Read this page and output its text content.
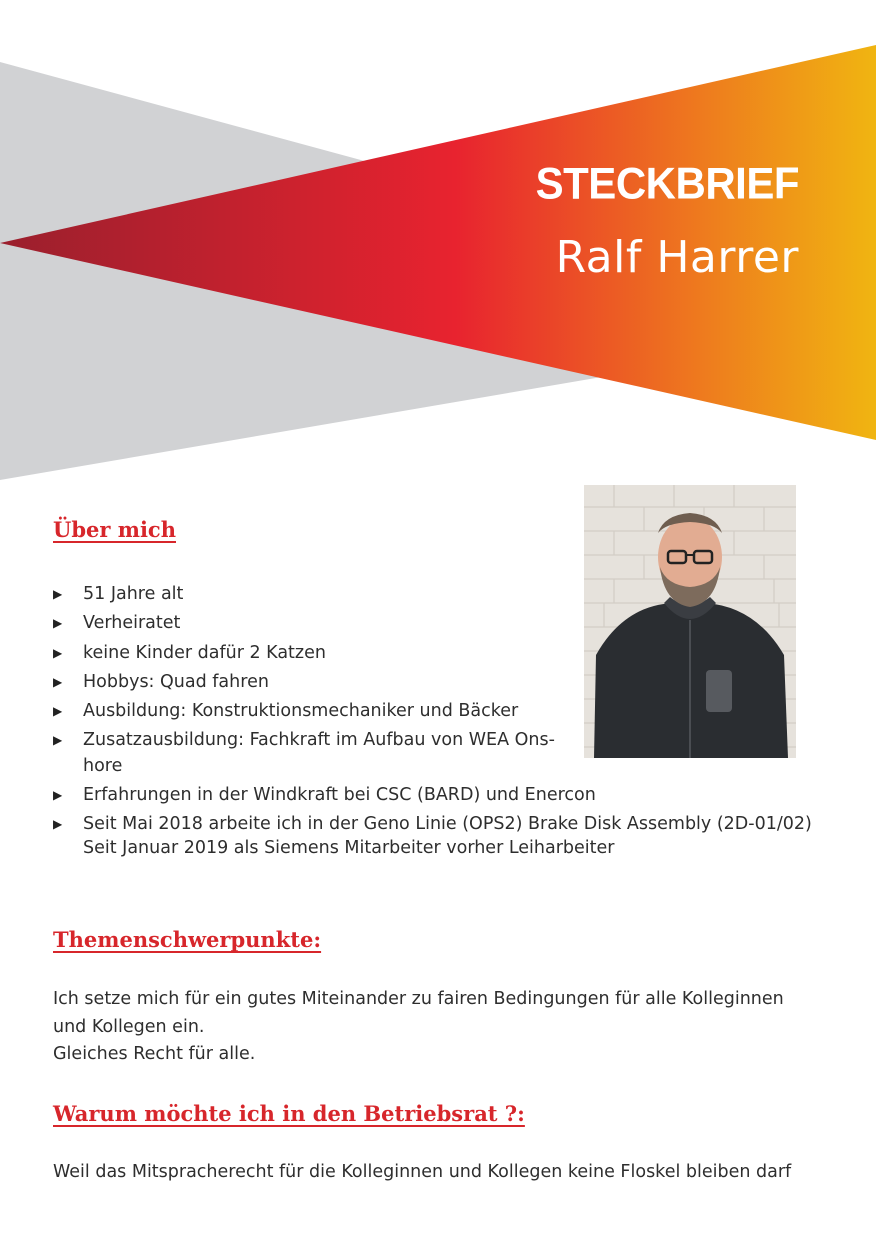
STECKBRIEF
Ralf Harrer
Über mich
▶ 51 Jahre alt
▶ Verheiratet
▶ keine Kinder dafür 2 Katzen
▶ Hobbys: Quad fahren
▶ Ausbildung: Konstruktionsmechaniker und Bäcker
▶ Zusatzausbildung: Fachkraft im Aufbau von WEA Ons-
hore
▶ Erfahrungen in der Windkraft bei CSC (BARD) und Enercon
▶ Seit Mai 2018 arbeite ich in der Geno Linie (OPS2) Brake Disk Assembly (2D-01/02)
Seit Januar 2019 als Siemens Mitarbeiter vorher Leiharbeiter
Themenschwerpunkte:

Ich setze mich für ein gutes Miteinander zu fairen Bedingungen für alle Kolleginnen

und Kollegen ein.

Gleiches Recht für alle.

Warum möchte ich in den Betriebsrat ?:

Weil das Mitspracherecht für die Kolleginnen und Kollegen keine Floskel bleiben darf
